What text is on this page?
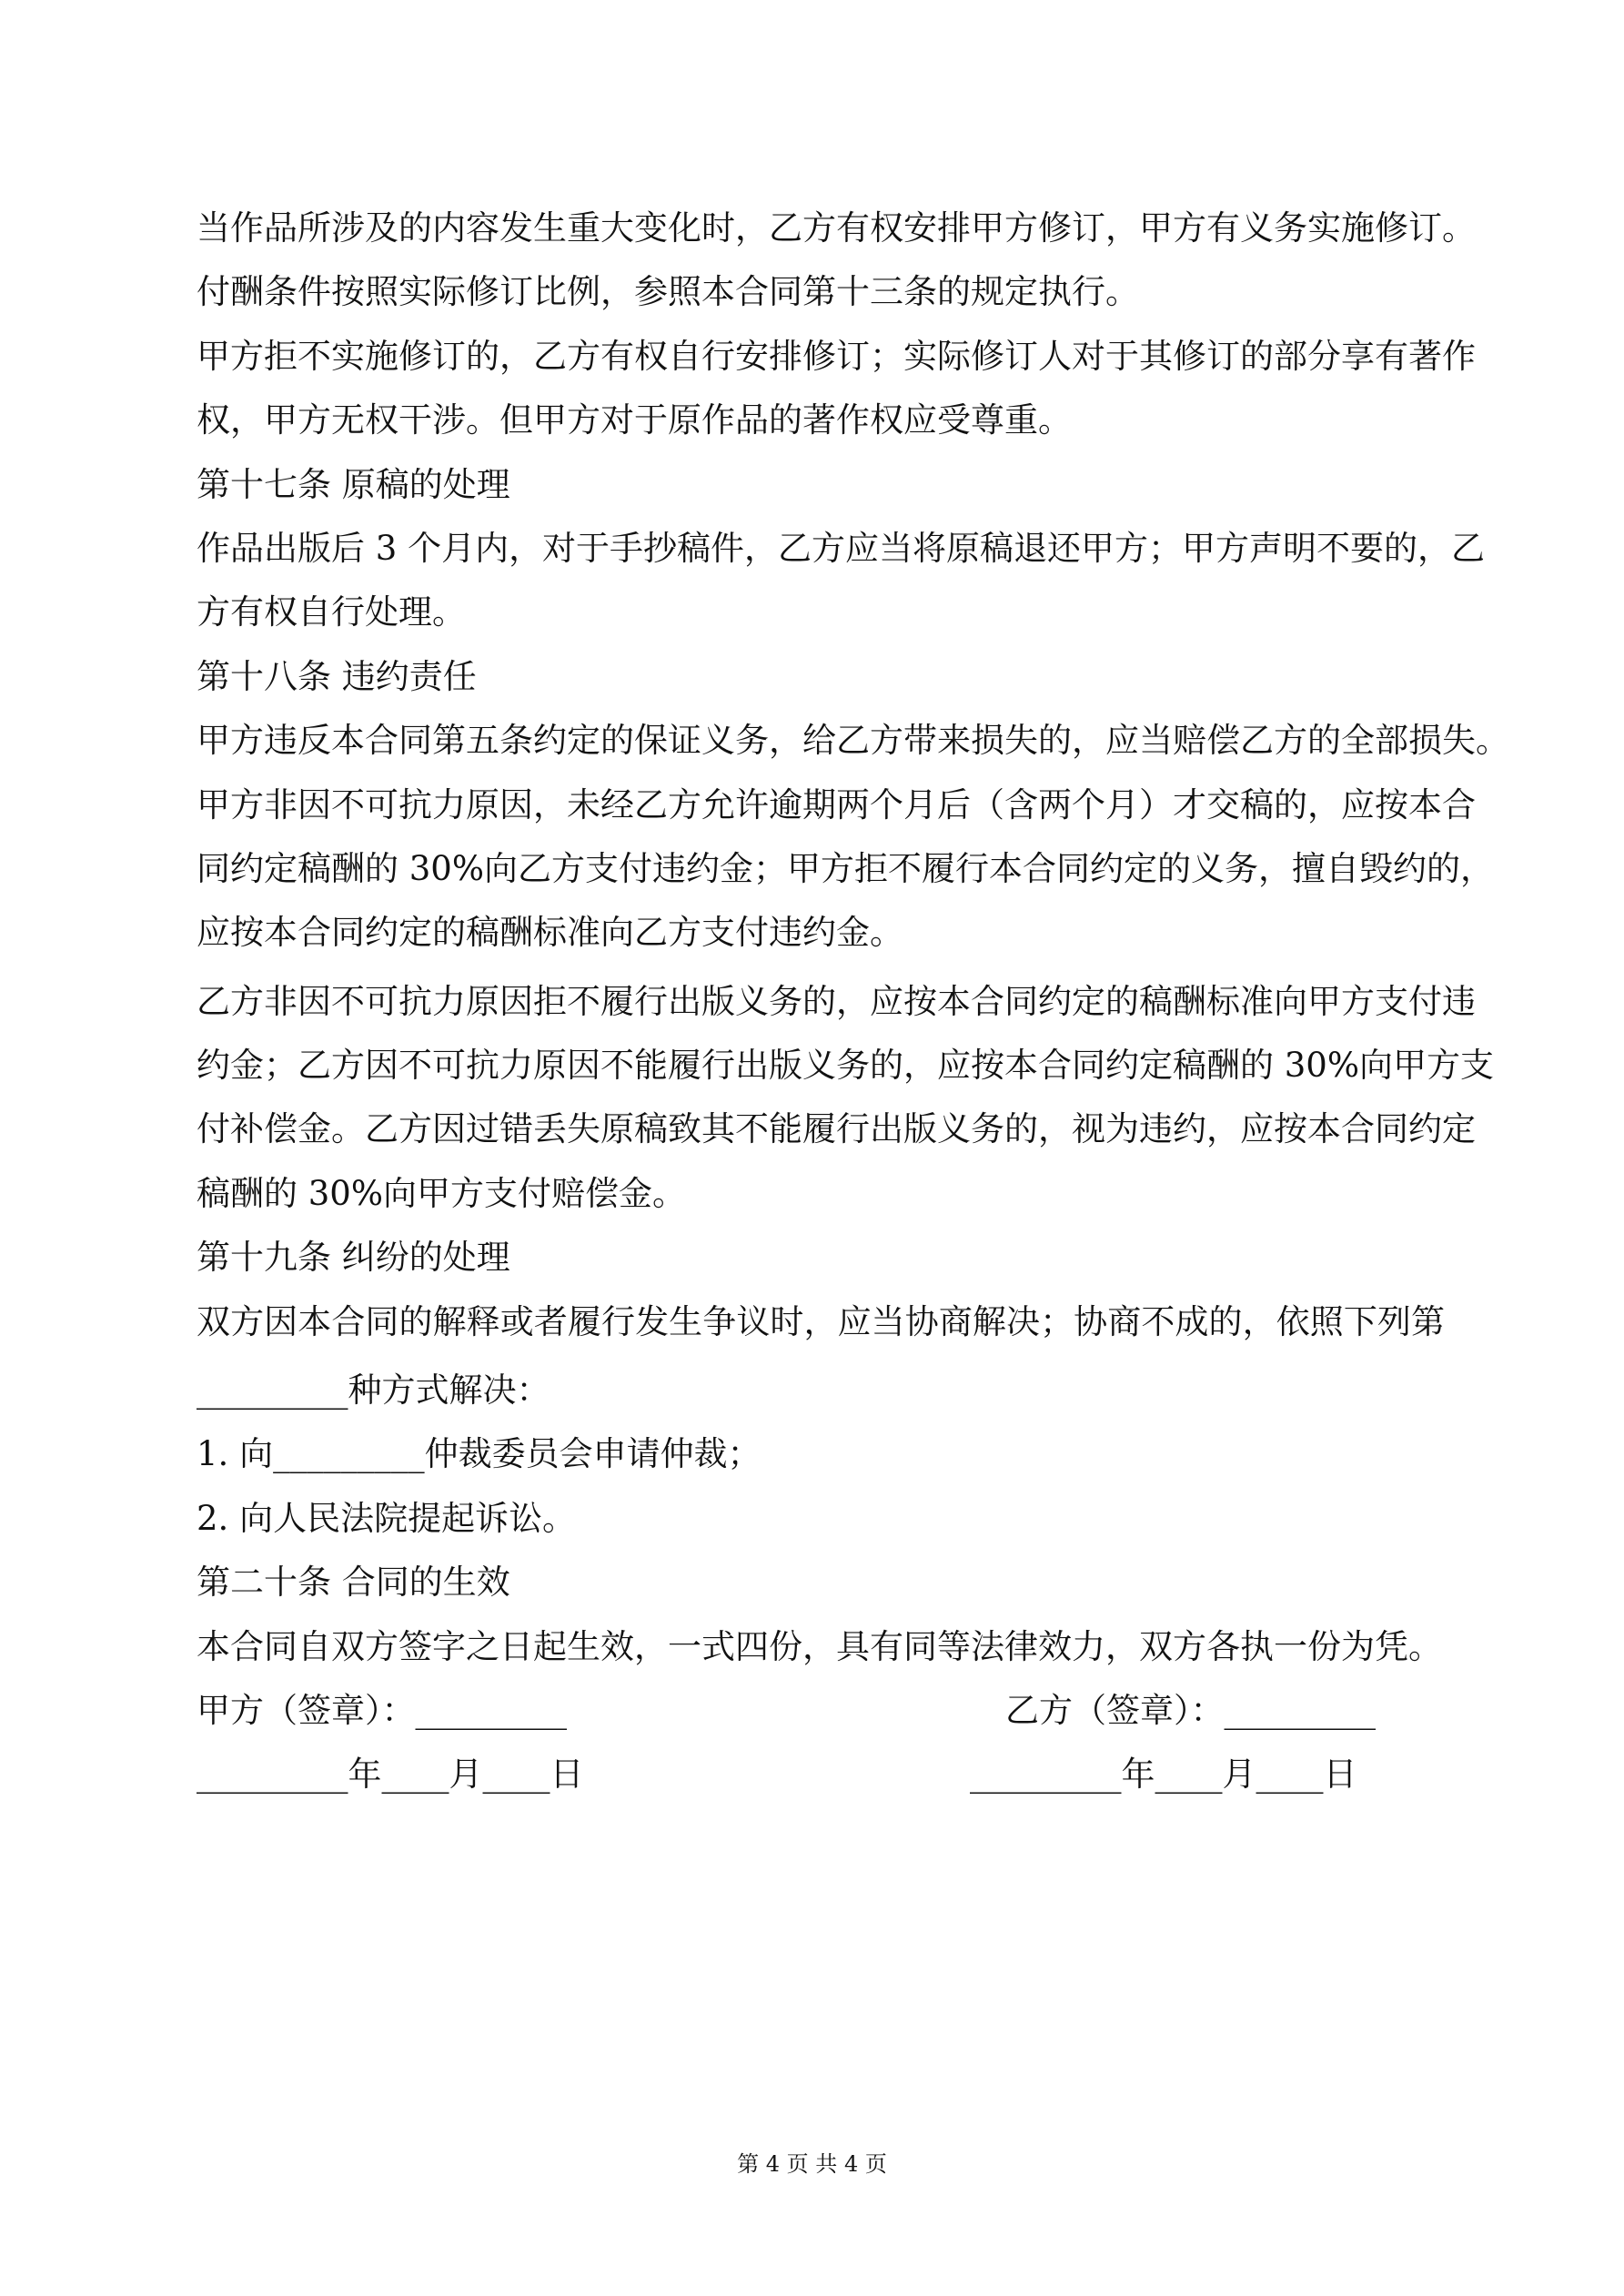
当作品所涉及的内容发生重大变化时，乙方有权安排甲方修订，甲方有义务实施修订。
付酬条件按照实际修订比例，参照本合同第十三条的规定执行。
甲方拒不实施修订的，乙方有权自行安排修订；实际修订人对于其修订的部分享有著作
权，甲方无权干涉。但甲方对于原作品的著作权应受尊重。
第十七条 原稿的处理
作品出版后 3 个月内，对于手抄稿件，乙方应当将原稿退还甲方；甲方声明不要的，乙
方有权自行处理。
第十八条 违约责任
甲方违反本合同第五条约定的保证义务，给乙方带来损失的，应当赔偿乙方的全部损失。
甲方非因不可抗力原因，未经乙方允许逾期两个月后（含两个月）才交稿的，应按本合
同约定稿酬的 30%向乙方支付违约金；甲方拒不履行本合同约定的义务，擅自毁约的，
应按本合同约定的稿酬标准向乙方支付违约金。
乙方非因不可抗力原因拒不履行出版义务的，应按本合同约定的稿酬标准向甲方支付违
约金；乙方因不可抗力原因不能履行出版义务的，应按本合同约定稿酬的 30%向甲方支
付补偿金。乙方因过错丢失原稿致其不能履行出版义务的，视为违约，应按本合同约定
稿酬的 30%向甲方支付赔偿金。
第十九条 纠纷的处理
双方因本合同的解释或者履行发生争议时，应当协商解决；协商不成的，依照下列第
_________种方式解决：
1. 向_________仲裁委员会申请仲裁；
2. 向人民法院提起诉讼。
第二十条 合同的生效
本合同自双方签字之日起生效，一式四份，具有同等法律效力，双方各执一份为凭。
甲方（签章）：_________	乙方（签章）：_________
_________年____月____日	_________年____月____日
第 4 页 共 4 页
